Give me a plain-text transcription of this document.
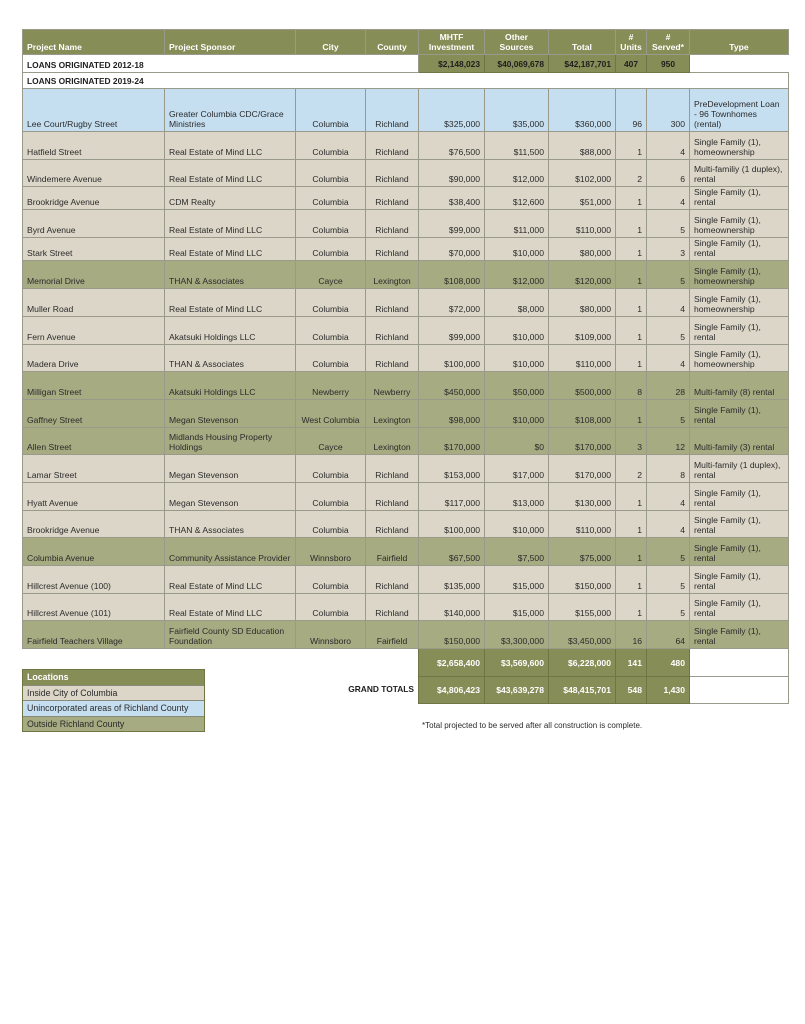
Project Name	Project Sponsor	City	County	MHTF Investment	Other Sources	Total	# Units	# Served*	Type
LOANS ORIGINATED 2012-18				$2,148,023	$40,069,678	$42,187,701	407	950	
LOANS ORIGINATED 2019-24									
Lee Court/Rugby Street	Greater Columbia CDC/Grace Ministries	Columbia	Richland	$325,000	$35,000	$360,000	96	300	PreDevelopment Loan - 96 Townhomes (rental)
Hatfield Street	Real Estate of Mind LLC	Columbia	Richland	$76,500	$11,500	$88,000	1	4	Single Family (1), homeownership
Windemere Avenue	Real Estate of Mind LLC	Columbia	Richland	$90,000	$12,000	$102,000	2	6	Multi-familiy (1 duplex), rental
Brookridge Avenue	CDM Realty	Columbia	Richland	$38,400	$12,600	$51,000	1	4	Single Family (1), rental
Byrd Avenue	Real Estate of Mind LLC	Columbia	Richland	$99,000	$11,000	$110,000	1	5	Single Family (1), homeownership
Stark Street	Real Estate of Mind LLC	Columbia	Richland	$70,000	$10,000	$80,000	1	3	Single Family (1), rental
Memorial Drive	THAN & Associates	Cayce	Lexington	$108,000	$12,000	$120,000	1	5	Single Family (1), homeownership
Muller Road	Real Estate of Mind LLC	Columbia	Richland	$72,000	$8,000	$80,000	1	4	Single Family (1), homeownership
Fern Avenue	Akatsuki Holdings LLC	Columbia	Richland	$99,000	$10,000	$109,000	1	5	Single Family (1), rental
Madera Drive	THAN & Associates	Columbia	Richland	$100,000	$10,000	$110,000	1	4	Single Family (1), homeownership
Milligan Street	Akatsuki Holdings LLC	Newberry	Newberry	$450,000	$50,000	$500,000	8	28	Multi-family (8) rental
Gaffney Street	Megan Stevenson	West Columbia	Lexington	$98,000	$10,000	$108,000	1	5	Single Family (1), rental
Allen Street	Midlands Housing Property Holdings	Cayce	Lexington	$170,000	$0	$170,000	3	12	Multi-family (3) rental
Lamar Street	Megan Stevenson	Columbia	Richland	$153,000	$17,000	$170,000	2	8	Multi-family (1 duplex), rental
Hyatt Avenue	Megan Stevenson	Columbia	Richland	$117,000	$13,000	$130,000	1	4	Single Family (1), rental
Brookridge Avenue	THAN & Associates	Columbia	Richland	$100,000	$10,000	$110,000	1	4	Single Family (1), rental
Columbia Avenue	Community Assistance Provider	Winnsboro	Fairfield	$67,500	$7,500	$75,000	1	5	Single Family (1), rental
Hillcrest Avenue (100)	Real Estate of Mind LLC	Columbia	Richland	$135,000	$15,000	$150,000	1	5	Single Family (1), rental
Hillcrest Avenue (101)	Real Estate of Mind LLC	Columbia	Richland	$140,000	$15,000	$155,000	1	5	Single Family (1), rental
Fairfield Teachers Village	Fairfield County SD Education Foundation	Winnsboro	Fairfield	$150,000	$3,300,000	$3,450,000	16	64	Single Family (1), rental
				$2,658,400	$3,569,600	$6,228,000	141	480	
		GRAND TOTALS		$4,806,423	$43,639,278	$48,415,701	548	1,430	
Locations
Inside City of Columbia
Unincorporated areas of Richland County
Outside Richland County	*Total projected to be served after all construction is complete.
